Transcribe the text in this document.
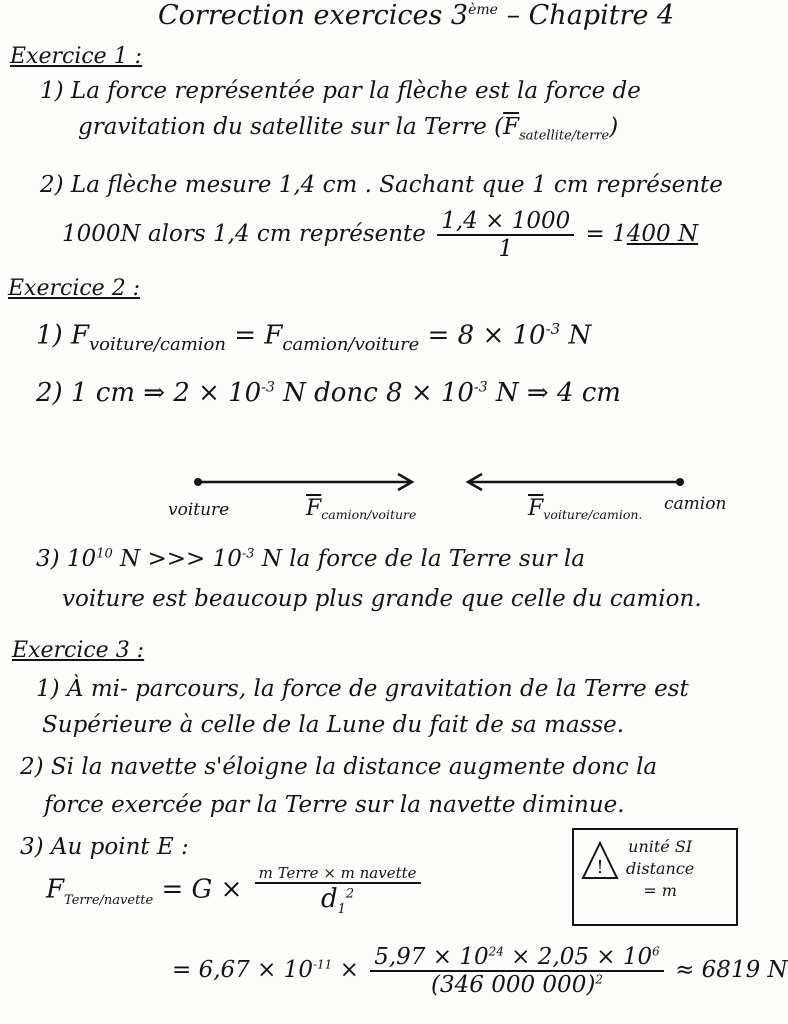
Correction exercices 3ème – Chapitre 4
Exercice 1 :
1) La force représentée par la flèche est la force de
gravitation du satellite sur la Terre $(\overline{F}_{satellite/terre})$
2) La flèche mesure 1,4 cm . Sachant que 1 cm représente
1000N alors 1,4 cm représente $\frac{1,4 \times 1000}{1} = 1400$ N
Exercice 2 :
1) $F_{voiture/camion} = F_{camion/voiture} = 8 \times 10^{-3}$ N
2) 1 cm ⇒ $2 \times 10^{-3}$ N donc $8 \times 10^{-3}$ N ⇒ 4 cm
voiture	$\overline{F}_{camion/voiture}$	$\overline{F}_{voiture/camion.}$
camion
3) $10^{10}$ N >>> $10^{-3}$ N la force de la Terre sur la
voiture est beaucoup plus grande que celle du camion.
Exercice 3 :
1) À mi- parcours, la force de gravitation de la Terre est
Supérieure à celle de la Lune du fait de sa masse.
2) Si la navette s'éloigne la distance augmente donc la
force exercée par la Terre sur la navette diminue.
3) Au point E :
$F_{Terre/navette} = G \times \frac{\text{m Terre × m navette}}{d_1^2}$
= $6,67 \times 10^{-11} \times \frac{5,97 \times 10^{24} \times 2,05 \times 10^6}{(346 000 000)^2} \approx 6819$ N
!
unité SI
distance
= m
